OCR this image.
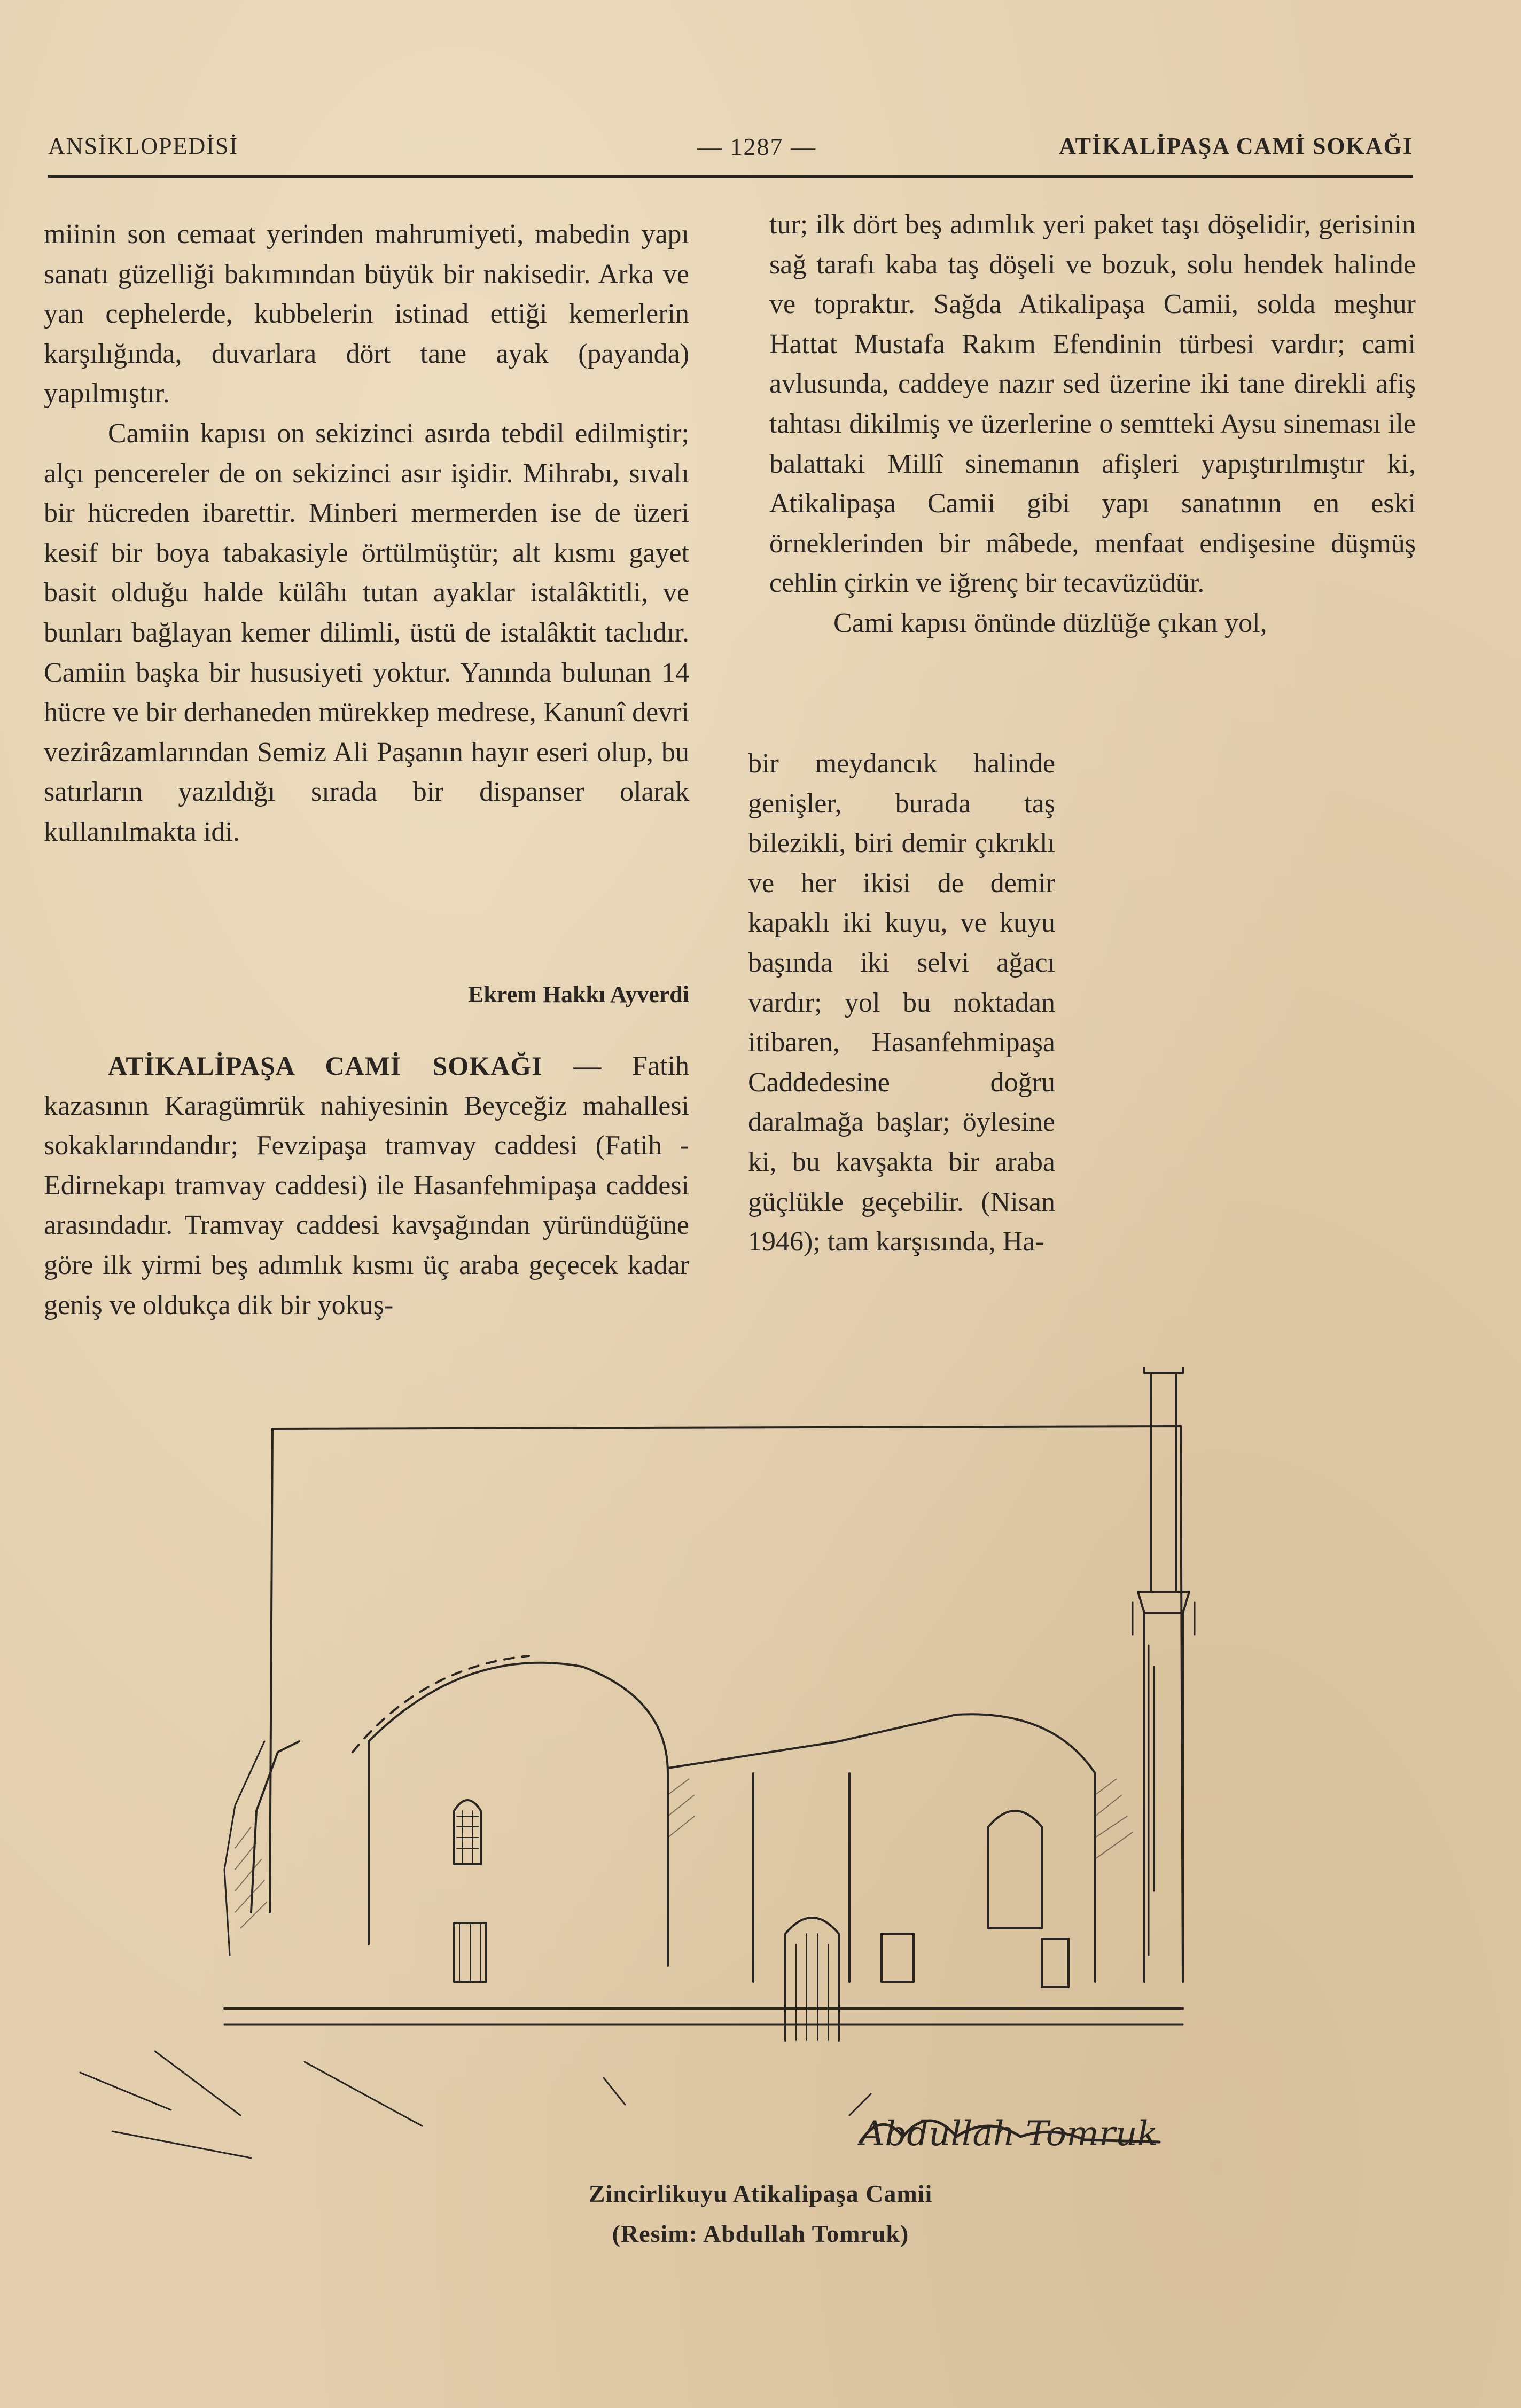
ANSİKLOPEDİSİ	— 1287 —	ATİKALİPAŞA CAMİ SOKAĞI

miinin son cemaat yerinden mahrumiyeti, mabedin yapı sanatı güzelliği bakımından büyük bir nakisedir. Arka ve yan cephelerde, kubbelerin istinad ettiği kemerlerin karşılığında, duvarlara dört tane ayak (payanda) yapılmıştır.

Camiin kapısı on sekizinci asırda tebdil edilmiştir; alçı pencereler de on sekizinci asır işidir. Mihrabı, sıvalı bir hücreden ibarettir. Minberi mermerden ise de üzeri kesif bir boya tabakasiyle örtülmüştür; alt kısmı gayet basit olduğu halde külâhı tutan ayaklar istalâktitli, ve bunları bağlayan kemer dilimli, üstü de istalâktit taclıdır. Camiin başka bir hususiyeti yoktur. Yanında bulunan 14 hücre ve bir derhaneden mürekkep medrese, Kanunî devri vezirâzamlarından Semiz Ali Paşanın hayır eseri olup, bu satırların yazıldığı sırada bir dispanser olarak kullanılmakta idi.

Ekrem Hakkı Ayverdi

ATİKALİPAŞA CAMİ SOKAĞI — Fatih kazasının Karagümrük nahiyesinin Beyceğiz mahallesi sokaklarındandır; Fevzipaşa tramvay caddesi (Fatih - Edirnekapı tramvay caddesi) ile Hasanfehmipaşa caddesi arasındadır. Tramvay caddesi kavşağından yüründüğüne göre ilk yirmi beş adımlık kısmı üç araba geçecek kadar geniş ve oldukça dik bir yokuş-

tur; ilk dört beş adımlık yeri paket taşı döşelidir, gerisinin sağ tarafı kaba taş döşeli ve bozuk, solu hendek halinde ve topraktır. Sağda Atikalipaşa Camii, solda meşhur Hattat Mustafa Rakım Efendinin türbesi vardır; cami avlusunda, caddeye nazır sed üzerine iki tane direkli afiş tahtası dikilmiş ve üzerlerine o semtteki Aysu sineması ile balattaki Millî sinemanın afişleri yapıştırılmıştır ki, Atikalipaşa Camii gibi yapı sanatının en eski örneklerinden bir mâbede, menfaat endişesine düşmüş cehlin çirkin ve iğrenç bir tecavüzüdür.

Cami kapısı önünde düzlüğe çıkan yol,

bir meydancık halinde genişler, burada taş bilezikli, biri demir çıkrıklı ve her ikisi de demir kapaklı iki kuyu, ve kuyu başında iki selvi ağacı vardır; yol bu noktadan itibaren, Hasanfehmipaşa Caddedesine doğru daralmağa başlar; öylesine ki, bu kavşakta bir araba güçlükle geçebilir. (Nisan 1946); tam karşısında, Ha-

Abdullah Tomruk
Zincirlikuyu Atikalipaşa Camii
(Resim: Abdullah Tomruk)
